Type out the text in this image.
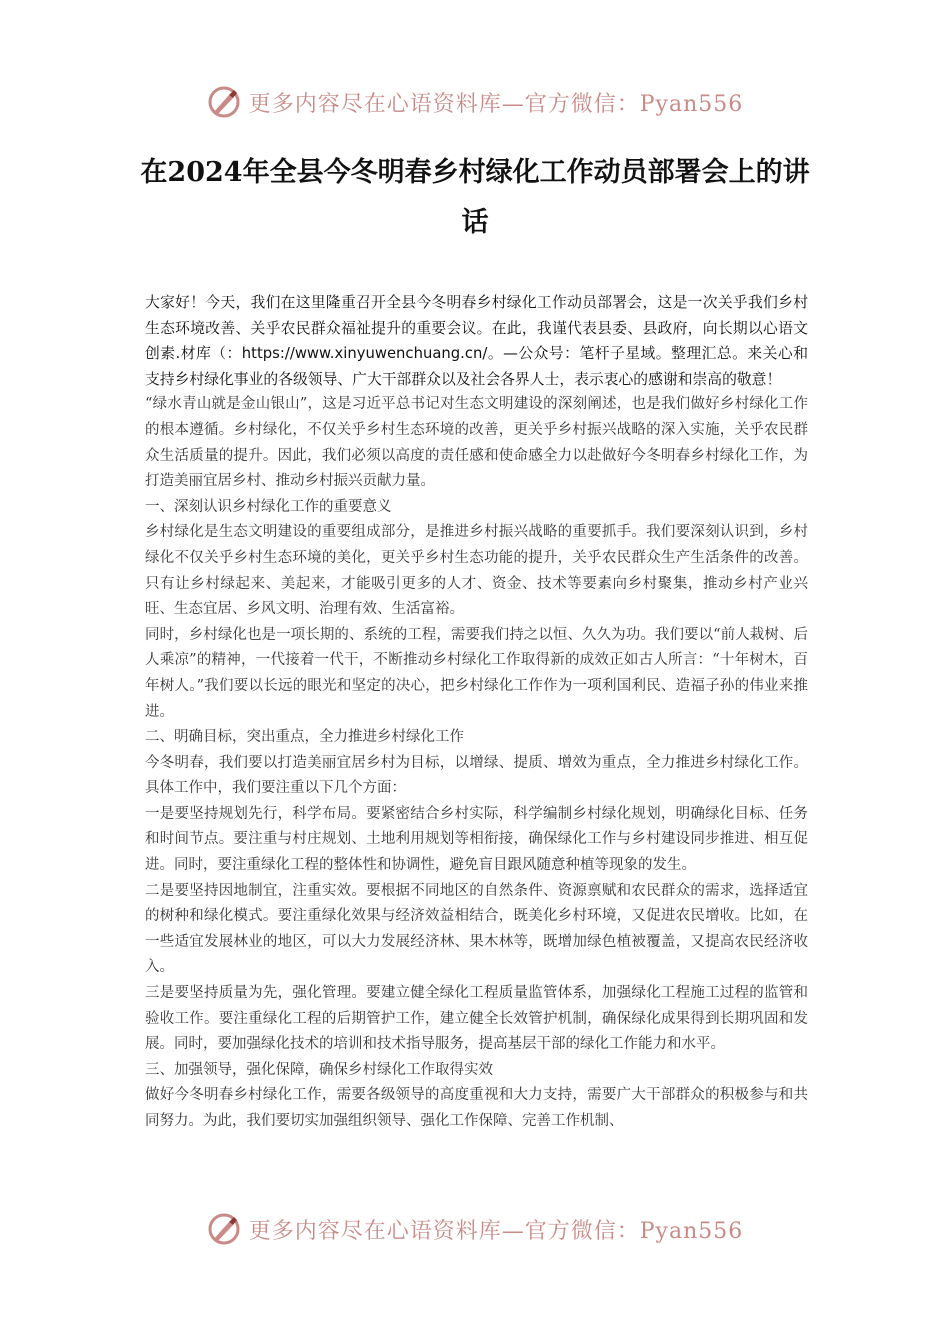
更多内容尽在心语资料库—官方微信：Pyan556
在2024年全县今冬明春乡村绿化工作动员部署会上的讲话

大家好！今天，我们在这里隆重召开全县今冬明春乡村绿化工作动员部署会，这是一次关乎我们乡村生态环境改善、关乎农民群众福祉提升的重要会议。在此，我谨代表县委、县政府，向长期以心语文创素.材库（：https://www.xinyuwenchuang.cn/。—公众号：笔杆子星域。整理汇总。来关心和支持乡村绿化事业的各级领导、广大干部群众以及社会各界人士，表示衷心的感谢和崇高的敬意！

“绿水青山就是金山银山”，这是习近平总书记对生态文明建设的深刻阐述，也是我们做好乡村绿化工作的根本遵循。乡村绿化，不仅关乎乡村生态环境的改善，更关乎乡村振兴战略的深入实施，关乎农民群众生活质量的提升。因此，我们必须以高度的责任感和使命感全力以赴做好今冬明春乡村绿化工作，为打造美丽宜居乡村、推动乡村振兴贡献力量。

一、深刻认识乡村绿化工作的重要意义

乡村绿化是生态文明建设的重要组成部分，是推进乡村振兴战略的重要抓手。我们要深刻认识到，乡村绿化不仅关乎乡村生态环境的美化，更关乎乡村生态功能的提升，关乎农民群众生产生活条件的改善。只有让乡村绿起来、美起来，才能吸引更多的人才、资金、技术等要素向乡村聚集，推动乡村产业兴旺、生态宜居、乡风文明、治理有效、生活富裕。

同时，乡村绿化也是一项长期的、系统的工程，需要我们持之以恒、久久为功。我们要以“前人栽树、后人乘凉”的精神，一代接着一代干，不断推动乡村绿化工作取得新的成效正如古人所言：“十年树木，百年树人。”我们要以长远的眼光和坚定的决心，把乡村绿化工作作为一项利国利民、造福子孙的伟业来推进。

二、明确目标，突出重点，全力推进乡村绿化工作

今冬明春，我们要以打造美丽宜居乡村为目标，以增绿、提质、增效为重点，全力推进乡村绿化工作。具体工作中，我们要注重以下几个方面：

一是要坚持规划先行，科学布局。要紧密结合乡村实际，科学编制乡村绿化规划，明确绿化目标、任务和时间节点。要注重与村庄规划、土地利用规划等相衔接，确保绿化工作与乡村建设同步推进、相互促进。同时，要注重绿化工程的整体性和协调性，避免盲目跟风随意种植等现象的发生。

二是要坚持因地制宜，注重实效。要根据不同地区的自然条件、资源禀赋和农民群众的需求，选择适宜的树种和绿化模式。要注重绿化效果与经济效益相结合，既美化乡村环境，又促进农民增收。比如，在一些适宜发展林业的地区，可以大力发展经济林、果木林等，既增加绿色植被覆盖，又提高农民经济收入。

三是要坚持质量为先，强化管理。要建立健全绿化工程质量监管体系，加强绿化工程施工过程的监管和验收工作。要注重绿化工程的后期管护工作，建立健全长效管护机制，确保绿化成果得到长期巩固和发展。同时，要加强绿化技术的培训和技术指导服务，提高基层干部的绿化工作能力和水平。

三、加强领导，强化保障，确保乡村绿化工作取得实效

做好今冬明春乡村绿化工作，需要各级领导的高度重视和大力支持，需要广大干部群众的积极参与和共同努力。为此，我们要切实加强组织领导、强化工作保障、完善工作机制、

更多内容尽在心语资料库—官方微信：Pyan556
